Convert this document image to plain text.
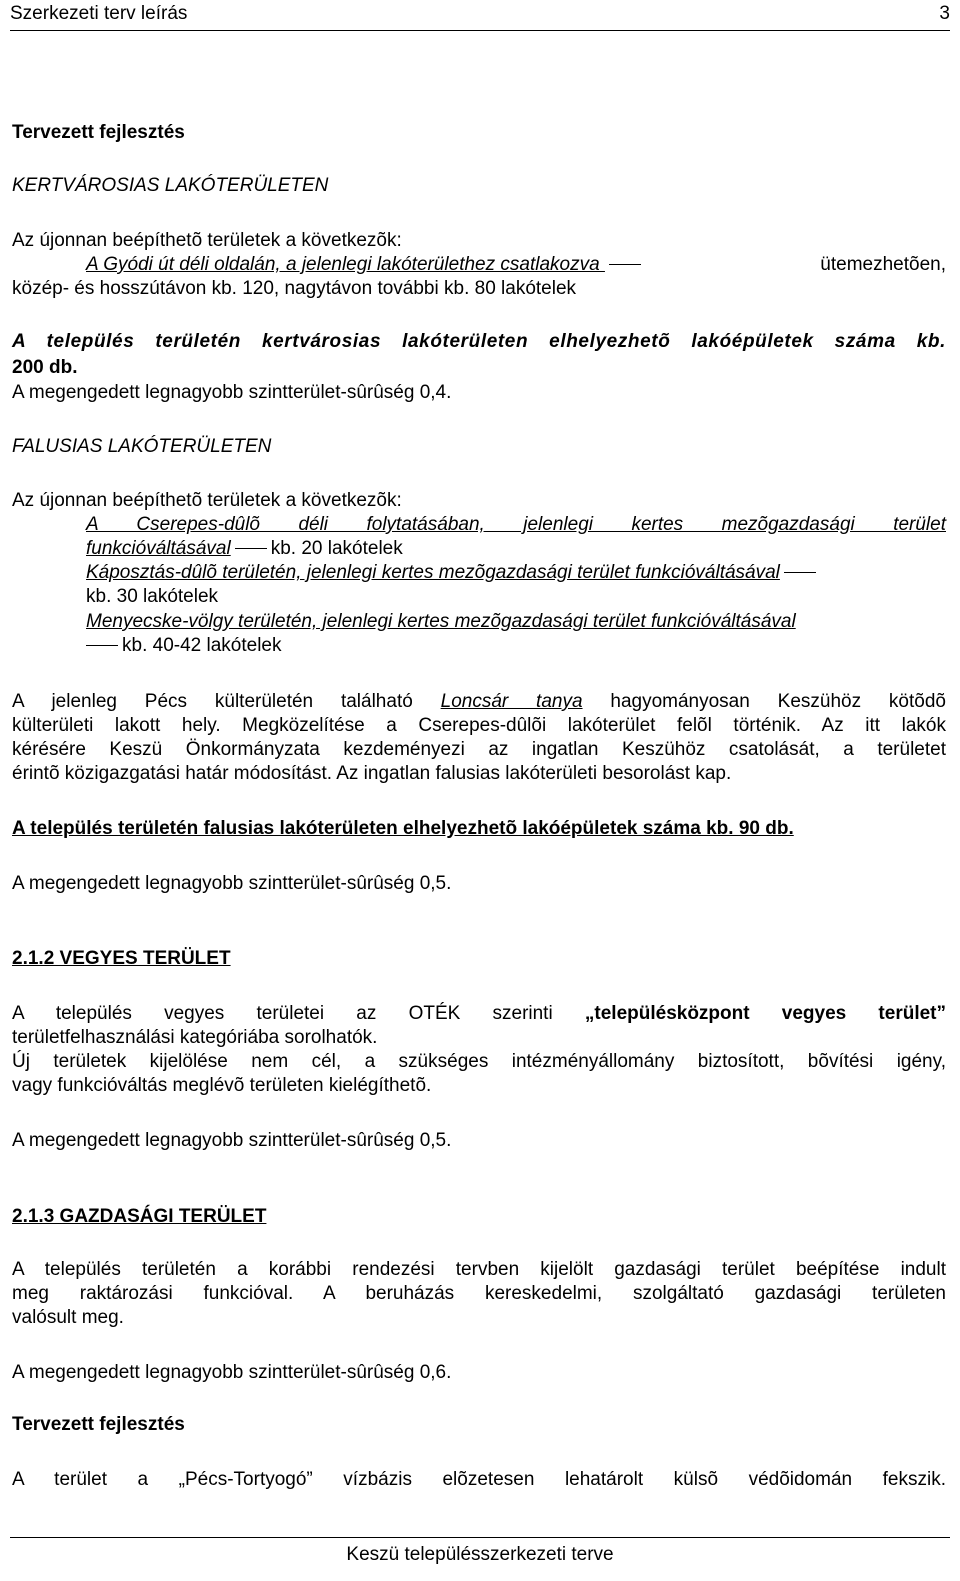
Szerkezeti terv leírás	3
Tervezett fejlesztés
KERTVÁROSIAS LAKÓTERÜLETEN
Az újonnan beépíthetõ területek a következõk:
A Gyódi út déli oldalán, a jelenlegi lakóterülethez csatlakozva	ütemezhetõen,
közép- és hosszútávon kb. 120, nagytávon további kb. 80 lakótelek
A település területén kertvárosias lakóterületen elhelyezhetõ lakóépületek száma kb.
200 db.
A megengedett legnagyobb szintterület-sûrûség 0,4.
FALUSIAS LAKÓTERÜLETEN
Az újonnan beépíthetõ területek a következõk:
A Cserepes-dûlõ déli folytatásában, jelenlegi kertes mezõgazdasági terület
funkcióváltásával kb. 20 lakótelek
Káposztás-dûlõ területén, jelenlegi kertes mezõgazdasági terület funkcióváltásával
kb. 30 lakótelek
Menyecske-völgy területén, jelenlegi kertes mezõgazdasági terület funkcióváltásával
kb. 40-42 lakótelek
A jelenleg Pécs külterületén található Loncsár tanya hagyományosan Keszühöz kötõdõ
külterületi lakott hely. Megközelítése a Cserepes-dûlõi lakóterület felõl történik. Az itt lakók
kérésére Keszü Önkormányzata kezdeményezi az ingatlan Keszühöz csatolását, a területet
érintõ közigazgatási határ módosítást. Az ingatlan falusias lakóterületi besorolást kap.
A település területén falusias lakóterületen elhelyezhetõ lakóépületek száma kb. 90 db.
A megengedett legnagyobb szintterület-sûrûség 0,5.
2.1.2 VEGYES TERÜLET
A település vegyes területei az OTÉK szerinti „településközpont vegyes terület”
területfelhasználási kategóriába sorolhatók.
Új területek kijelölése nem cél, a szükséges intézményállomány biztosított, bõvítési igény,
vagy funkcióváltás meglévõ területen kielégíthetõ.
A megengedett legnagyobb szintterület-sûrûség 0,5.
2.1.3 GAZDASÁGI TERÜLET
A település területén a korábbi rendezési tervben kijelölt gazdasági terület beépítése indult
meg raktározási funkcióval. A beruházás kereskedelmi, szolgáltató gazdasági területen
valósult meg.
A megengedett legnagyobb szintterület-sûrûség 0,6.
Tervezett fejlesztés
A terület a „Pécs-Tortyogó” vízbázis elõzetesen lehatárolt külsõ védõidomán fekszik.
Keszü településszerkezeti terve
